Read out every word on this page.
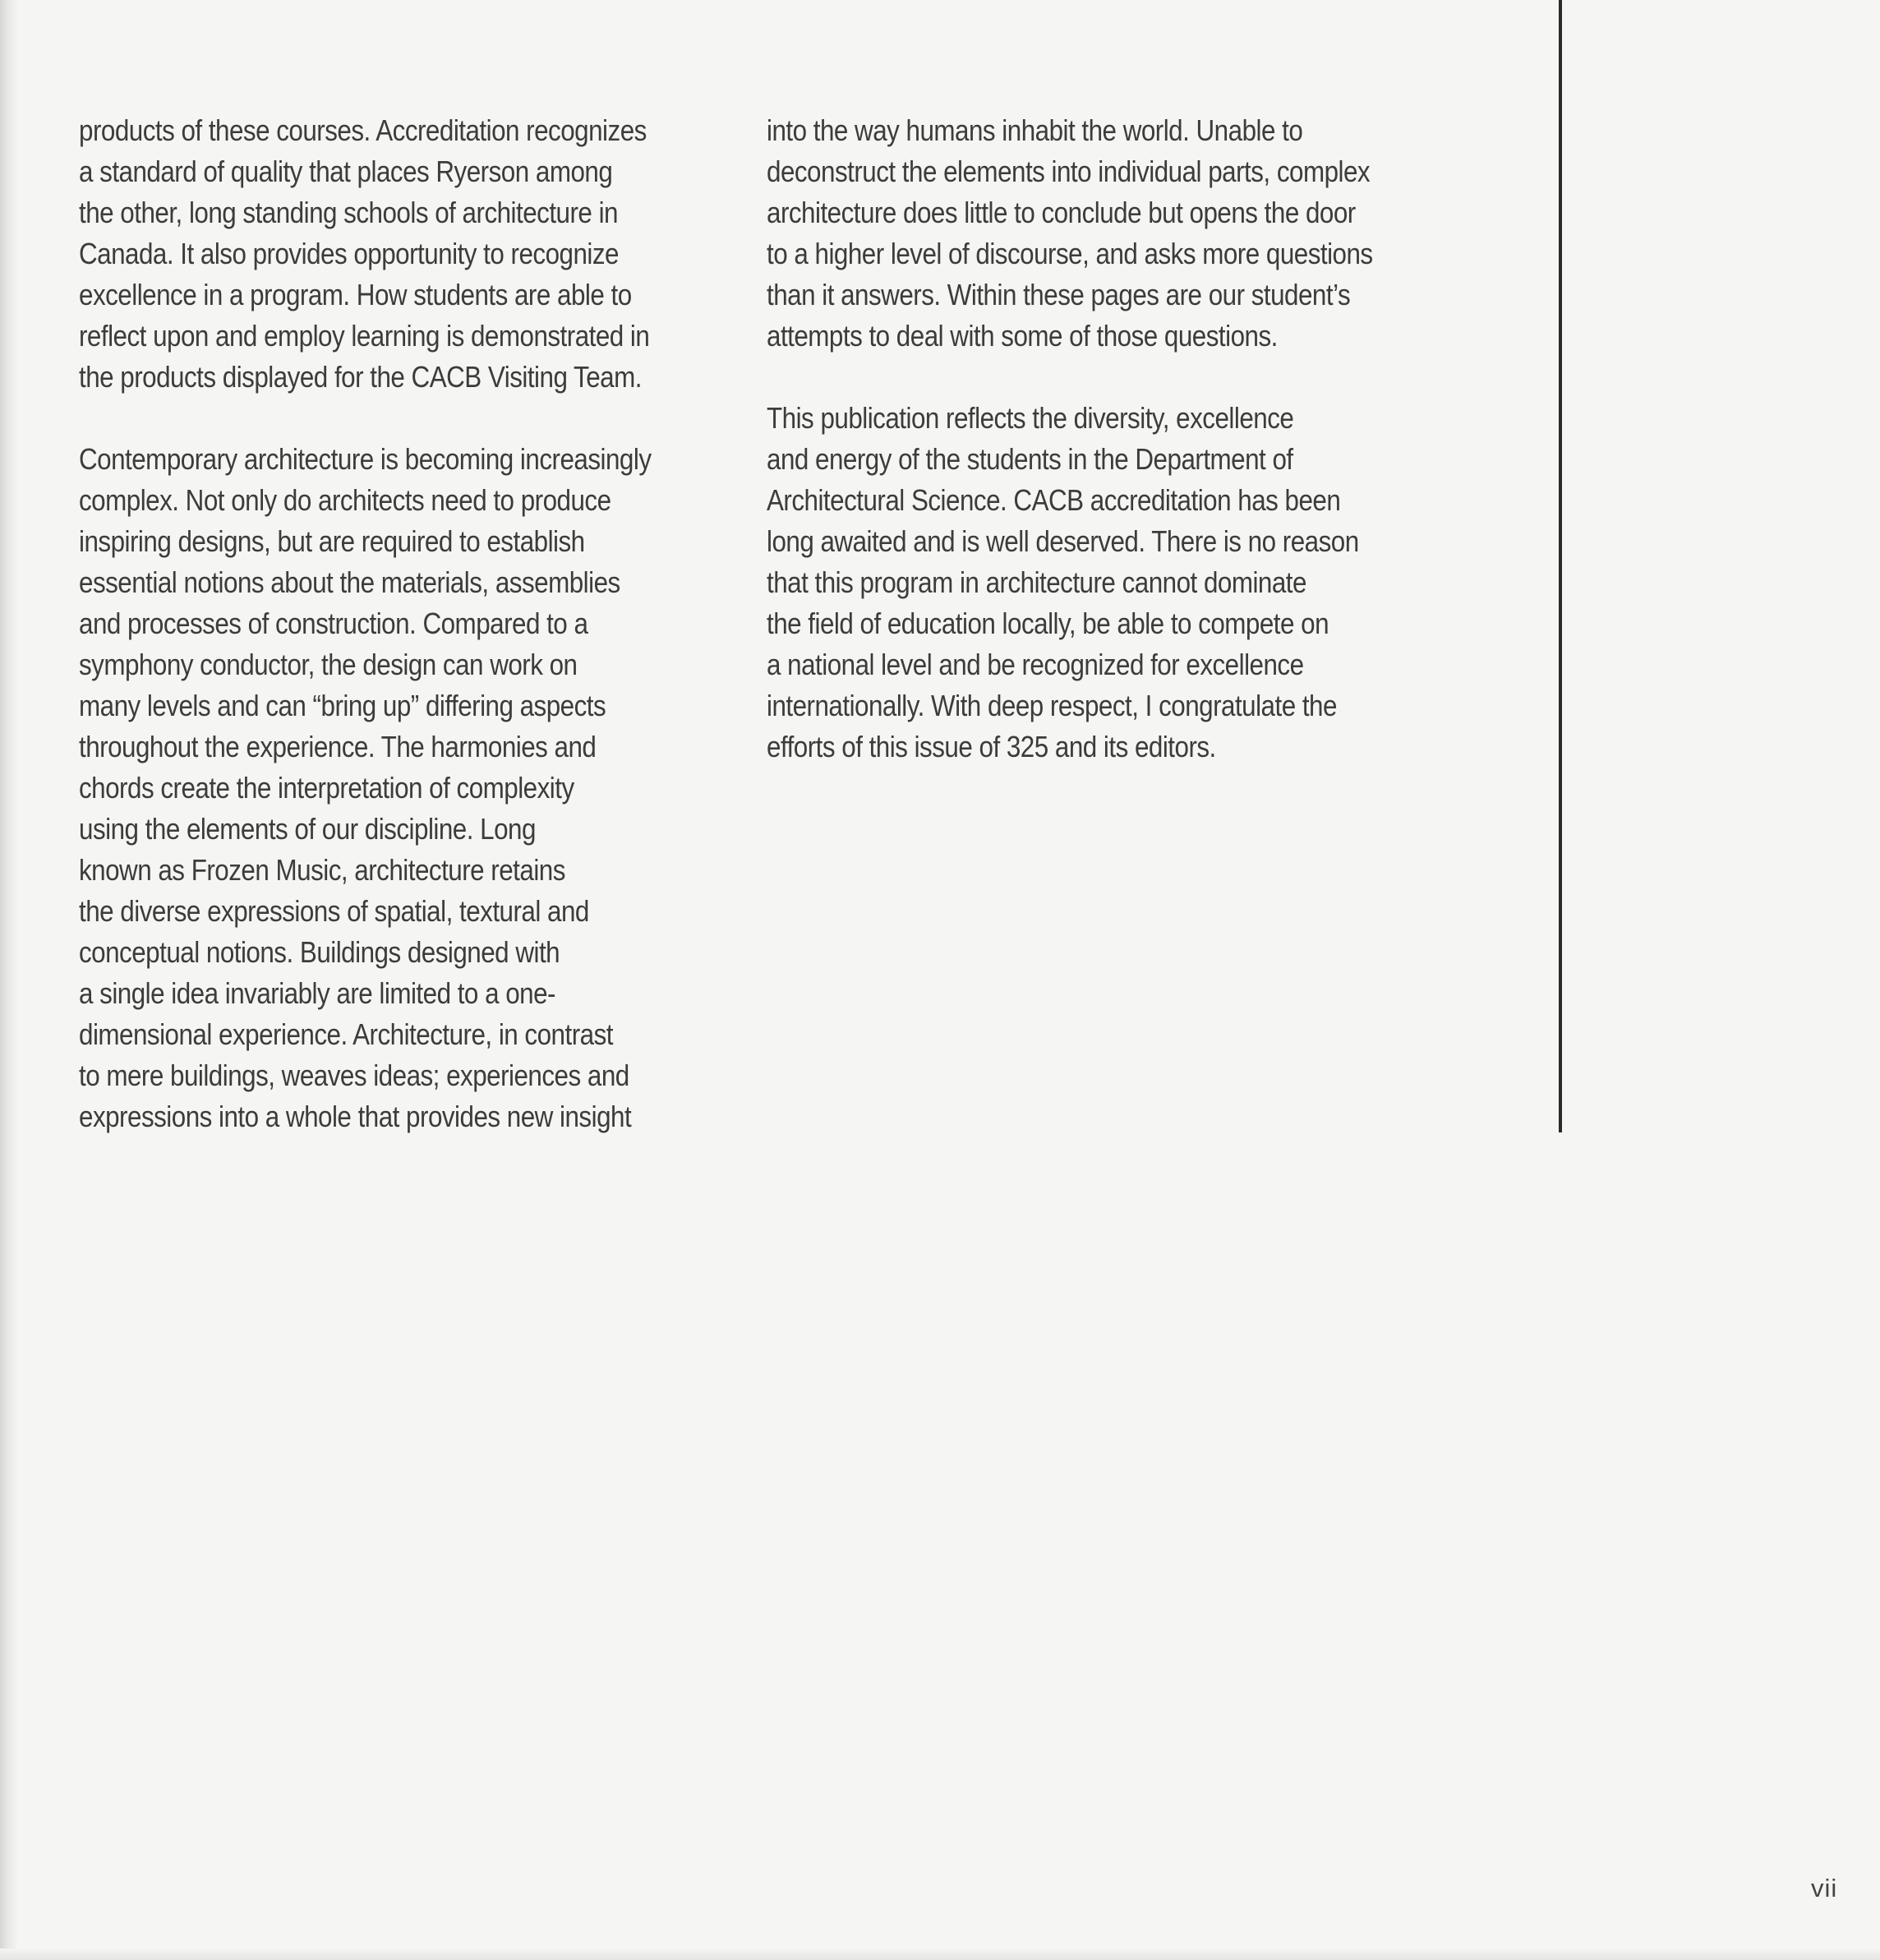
products of these courses. Accreditation recognizes
a standard of quality that places Ryerson among
the other, long standing schools of architecture in
Canada. It also provides opportunity to recognize
excellence in a program. How students are able to
reflect upon and employ learning is demonstrated in
the products displayed for the CACB Visiting Team.
Contemporary architecture is becoming increasingly
complex. Not only do architects need to produce
inspiring designs, but are required to establish
essential notions about the materials, assemblies
and processes of construction. Compared to a
symphony conductor, the design can work on
many levels and can “bring up” differing aspects
throughout the experience. The harmonies and
chords create the interpretation of complexity
using the elements of our discipline. Long
known as Frozen Music, architecture retains
the diverse expressions of spatial, textural and
conceptual notions. Buildings designed with
a single idea invariably are limited to a one-
dimensional experience. Architecture, in contrast
to mere buildings, weaves ideas; experiences and
expressions into a whole that provides new insight
into the way humans inhabit the world. Unable to
deconstruct the elements into individual parts, complex
architecture does little to conclude but opens the door
to a higher level of discourse, and asks more questions
than it answers. Within these pages are our student’s
attempts to deal with some of those questions.
This publication reflects the diversity, excellence
and energy of the students in the Department of
Architectural Science. CACB accreditation has been
long awaited and is well deserved. There is no reason
that this program in architecture cannot dominate
the field of education locally, be able to compete on
a national level and be recognized for excellence
internationally. With deep respect, I congratulate the
efforts of this issue of 325 and its editors.
vii
